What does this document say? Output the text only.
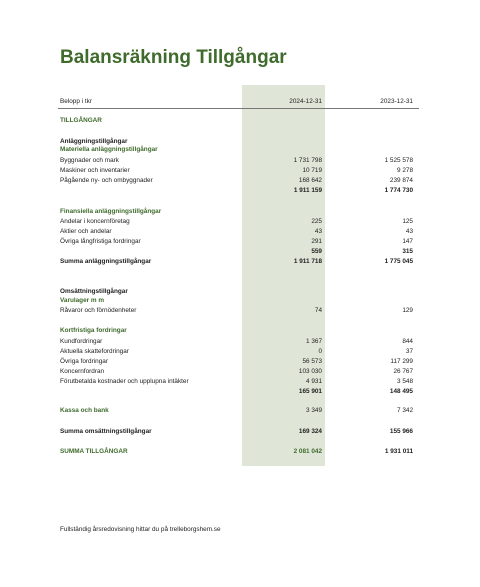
Balansräkning Tillgångar
Belopp i tkr	2024-12-31	2023-12-31
TILLGÅNGAR
Anläggningstillgångar
Materiella anläggningstillgångar
Byggnader och mark	1 731 798	1 525 578
Maskiner och inventarier	10 719	9 278
Pågående ny- och ombyggnader	168 642	239 874
1 911 159	1 774 730
Finansiella anläggningstillgångar
Andelar i koncernföretag	225	125
Aktier och andelar	43	43
Övriga långfristiga fordringar	291	147
559	315
Summa anläggningstillgångar	1 911 718	1 775 045
Omsättningstillgångar
Varulager m m
Råvaror och förnödenheter	74	129
Kortfristiga fordringar
Kundfordringar	1 367	844
Aktuella skattefordringar	0	37
Övriga fordringar	56 573	117 299
Koncernfordran	103 030	26 767
Förutbetalda kostnader och upplupna intäkter	4 931	3 548
165 901	148 495
Kassa och bank	3 349	7 342
Summa omsättningstillgångar	169 324	155 966
SUMMA TILLGÅNGAR	2 081 042	1 931 011
Fullständig årsredovisning hittar du på trelleborgshem.se
